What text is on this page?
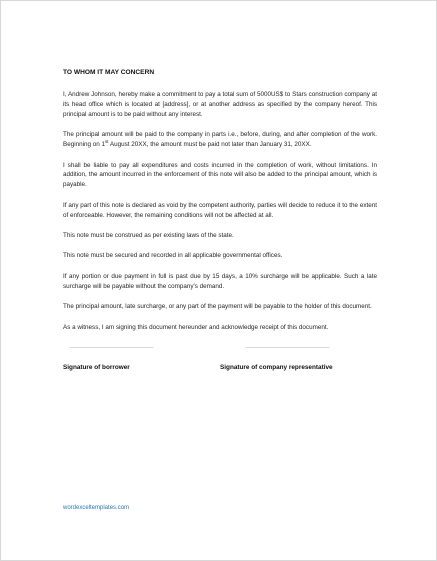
TO WHOM IT MAY CONCERN

I, Andrew Johnson, hereby make a commitment to pay a total sum of 5000US$ to Stars construction company at its head office which is located at [address], or at another address as specified by the company hereof. This principal amount is to be paid without any interest.

The principal amount will be paid to the company in parts i.e., before, during, and after completion of the work. Beginning on 1st August 20XX, the amount must be paid not later than January 31, 20XX.

I shall be liable to pay all expenditures and costs incurred in the completion of work, without limitations. In addition, the amount incurred in the enforcement of this note will also be added to the principal amount, which is payable.

If any part of this note is declared as void by the competent authority, parties will decide to reduce it to the extent of enforceable. However, the remaining conditions will not be affected at all.

This note must be construed as per existing laws of the state.

This note must be secured and recorded in all applicable governmental offices.

If any portion or due payment in full is past due by 15 days, a 10% surcharge will be applicable. Such a late surcharge will be payable without the company's demand.

The principal amount, late surcharge, or any part of the payment will be payable to the holder of this document.

As a witness, I am signing this document hereunder and acknowledge receipt of this document.

_______________________________	_______________________________
Signature of borrower	Signature of company representative
wordexceltemplates.com
